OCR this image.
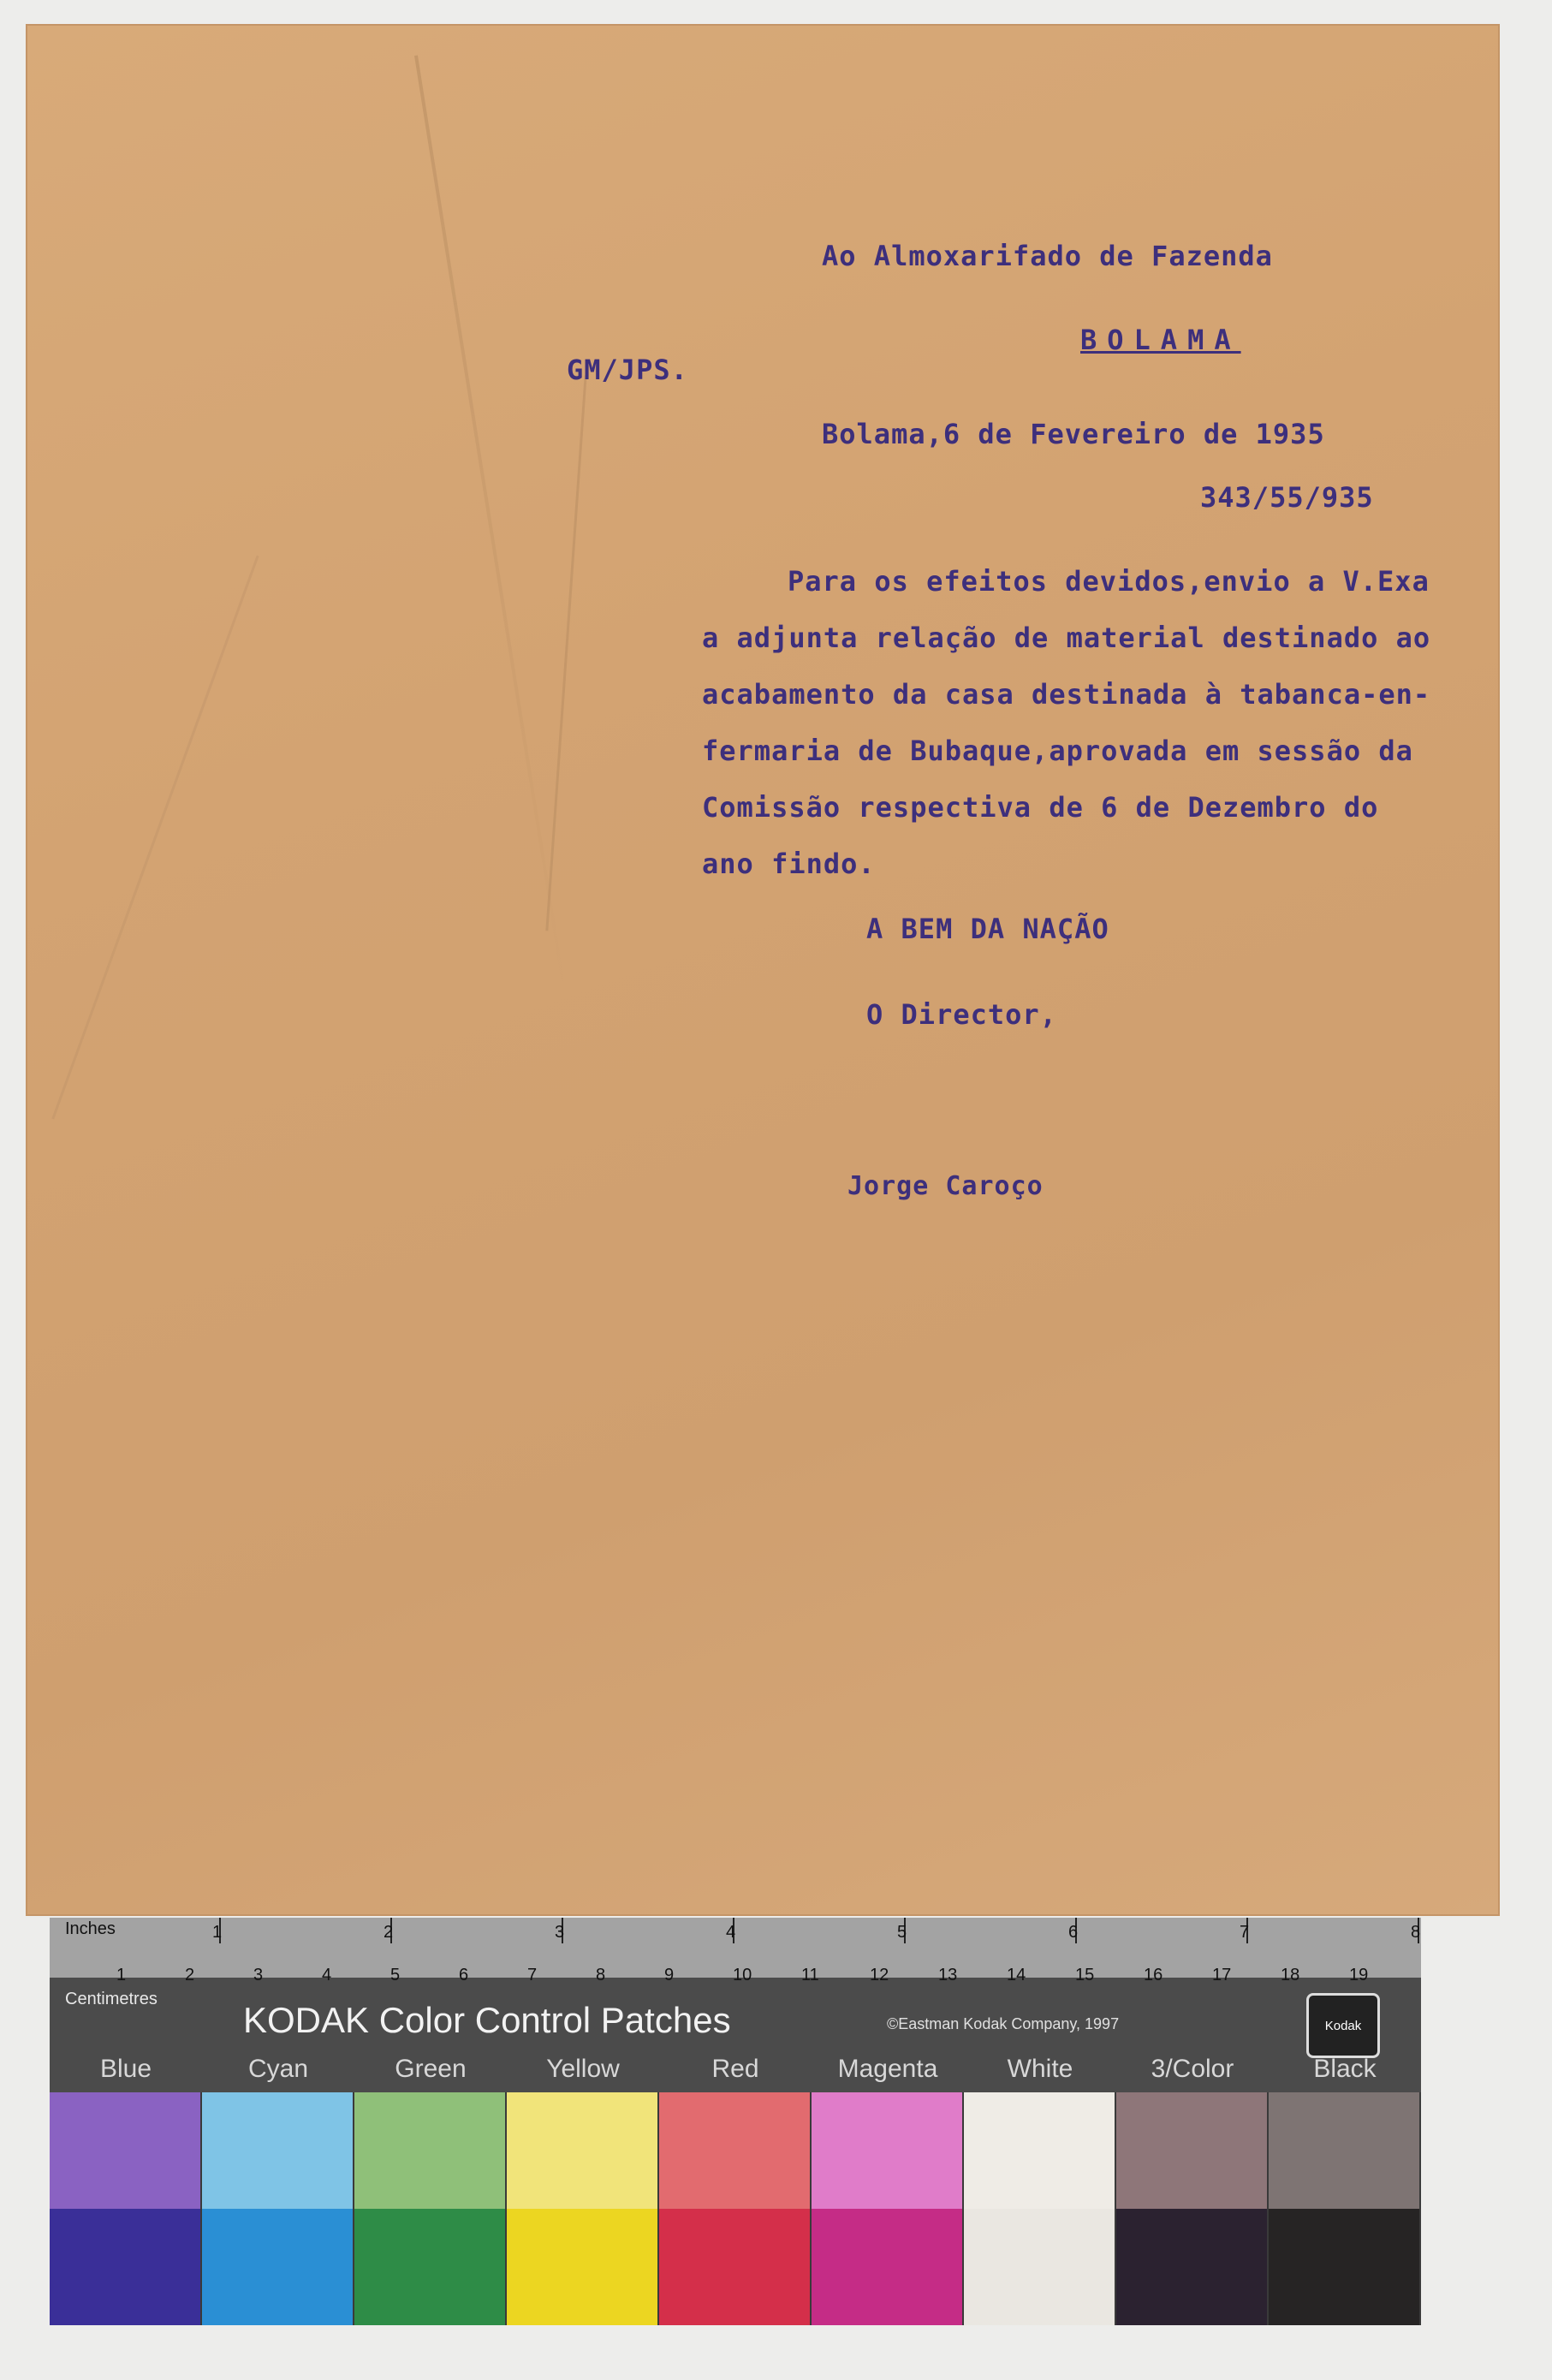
Ao Almoxarifado de Fazenda
BOLAMA
GM/JPS.
Bolama,6 de Fevereiro de 1935
343/55/935
Para os efeitos devidos,envio a V.Exa
a adjunta relação de material destinado ao
acabamento da casa destinada à tabanca-en-
fermaria de Bubaque,aprovada em sessão da
Comissão respectiva de 6 de Dezembro do
ano findo.
A BEM DA NAÇÃO
O Director,
Jorge Caroço
Inches
Centimetres
1	2	3	4	5	6	7	8
1	2	3	4	5	6	7	8	9	10	11	12	13	14	15	16	17	18	19
KODAK Color Control Patches	©Eastman Kodak Company, 1997	Kodak
Blue	Cyan	Green	Yellow	Red	Magenta	White	3/Color	Black
